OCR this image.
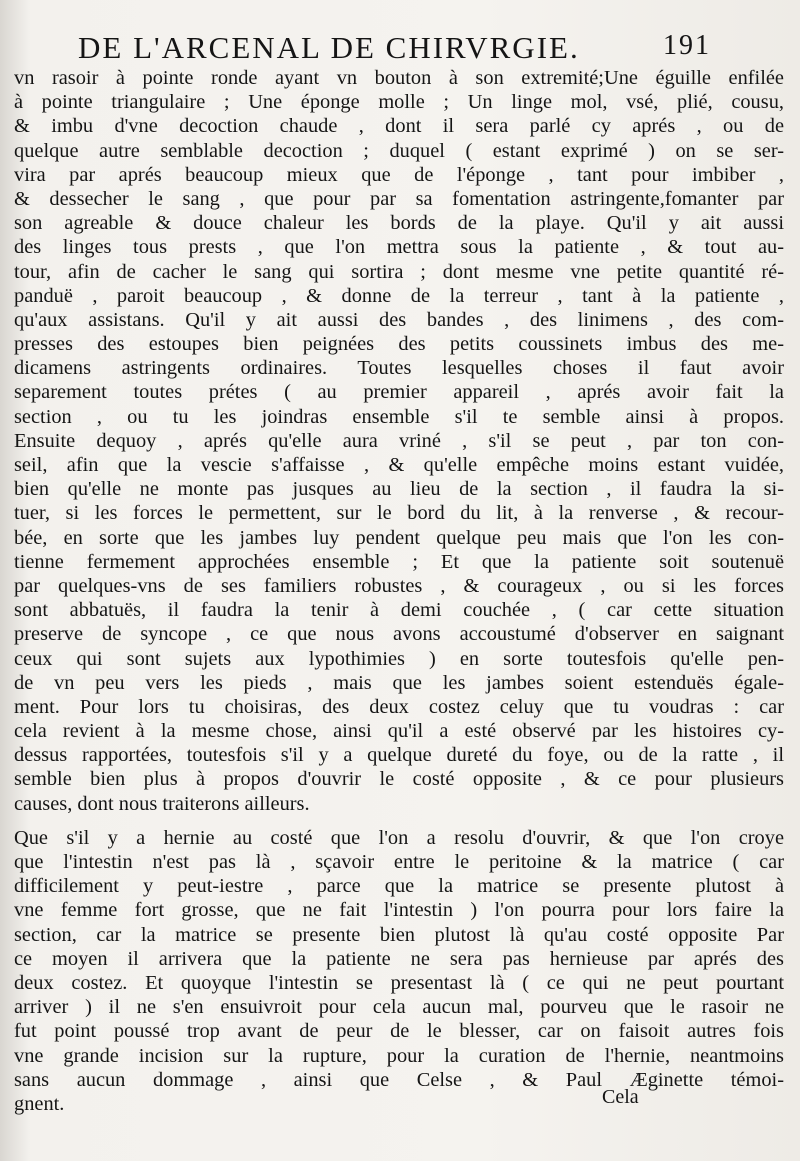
DE L'ARCENAL DE CHIRVRGIE.	191
vn rasoir à pointe ronde ayant vn bouton à son extremité;Une éguille enfilée
à pointe triangulaire ; Une éponge molle ; Un linge mol, vsé, plié, cousu,
& imbu d'vne decoction chaude , dont il sera parlé cy aprés , ou de
quelque autre semblable decoction ; duquel ( estant exprimé ) on se ser-
vira par aprés beaucoup mieux que de l'éponge , tant pour imbiber ,
& dessecher le sang , que pour par sa fomentation astringente,fomanter par
son agreable & douce chaleur les bords de la playe. Qu'il y ait aussi
des linges tous prests , que l'on mettra sous la patiente , & tout au-
tour, afin de cacher le sang qui sortira ; dont mesme vne petite quantité ré-
panduë , paroit beaucoup , & donne de la terreur , tant à la patiente ,
qu'aux assistans. Qu'il y ait aussi des bandes , des linimens , des com-
presses des estoupes bien peignées des petits coussinets imbus des me-
dicamens astringents ordinaires. Toutes lesquelles choses il faut avoir
separement toutes prétes ( au premier appareil , aprés avoir fait la
section , ou tu les joindras ensemble s'il te semble ainsi à propos.
Ensuite dequoy , aprés qu'elle aura vriné , s'il se peut , par ton con-
seil, afin que la vescie s'affaisse , & qu'elle empêche moins estant vuidée,
bien qu'elle ne monte pas jusques au lieu de la section , il faudra la si-
tuer, si les forces le permettent, sur le bord du lit, à la renverse , & recour-
bée, en sorte que les jambes luy pendent quelque peu mais que l'on les con-
tienne fermement approchées ensemble ; Et que la patiente soit soutenuë
par quelques-vns de ses familiers robustes , & courageux , ou si les forces
sont abbatuës, il faudra la tenir à demi couchée , ( car cette situation
preserve de syncope , ce que nous avons accoustumé d'observer en saignant
ceux qui sont sujets aux lypothimies ) en sorte toutesfois qu'elle pen-
de vn peu vers les pieds , mais que les jambes soient estenduës égale-
ment. Pour lors tu choisiras, des deux costez celuy que tu voudras : car
cela revient à la mesme chose, ainsi qu'il a esté observé par les histoires cy-
dessus rapportées, toutesfois s'il y a quelque dureté du foye, ou de la ratte , il
semble bien plus à propos d'ouvrir le costé opposite , & ce pour plusieurs
causes, dont nous traiterons ailleurs.
Que s'il y a hernie au costé que l'on a resolu d'ouvrir, & que l'on croye
que l'intestin n'est pas là , sçavoir entre le peritoine & la matrice ( car
difficilement y peut-iestre , parce que la matrice se presente plutost à
vne femme fort grosse, que ne fait l'intestin ) l'on pourra pour lors faire la
section, car la matrice se presente bien plutost là qu'au costé opposite Par
ce moyen il arrivera que la patiente ne sera pas hernieuse par aprés des
deux costez. Et quoyque l'intestin se presentast là ( ce qui ne peut pourtant
arriver ) il ne s'en ensuivroit pour cela aucun mal, pourveu que le rasoir ne
fut point poussé trop avant de peur de le blesser, car on faisoit autres fois
vne grande incision sur la rupture, pour la curation de l'hernie, neantmoins
sans aucun dommage , ainsi que Celse , & Paul Æginette témoi-
gnent.	Cela
